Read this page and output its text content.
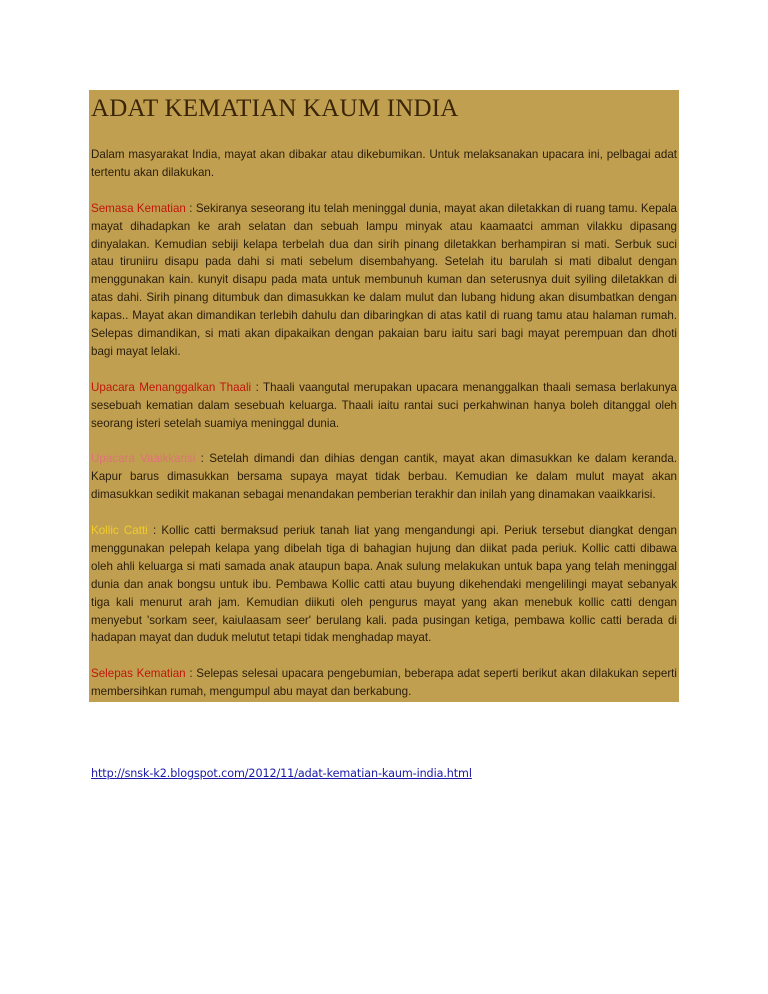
ADAT KEMATIAN KAUM INDIA

Dalam masyarakat India, mayat akan dibakar atau dikebumikan. Untuk melaksanakan upacara ini, pelbagai adat tertentu akan dilakukan.

Semasa Kematian : Sekiranya seseorang itu telah meninggal dunia, mayat akan diletakkan di ruang tamu. Kepala mayat dihadapkan ke arah selatan dan sebuah lampu minyak atau kaamaatci amman vilakku dipasang dinyalakan. Kemudian sebiji kelapa terbelah dua dan sirih pinang diletakkan berhampiran si mati. Serbuk suci atau tiruniiru disapu pada dahi si mati sebelum disembahyang. Setelah itu barulah si mati dibalut dengan menggunakan kain. kunyit disapu pada mata untuk membunuh kuman dan seterusnya duit syiling diletakkan di atas dahi. Sirih pinang ditumbuk dan dimasukkan ke dalam mulut dan lubang hidung akan disumbatkan dengan kapas.. Mayat akan dimandikan terlebih dahulu dan dibaringkan di atas katil di ruang tamu atau halaman rumah. Selepas dimandikan, si mati akan dipakaikan dengan pakaian baru iaitu sari bagi mayat perempuan dan dhoti bagi mayat lelaki.

Upacara Menanggalkan Thaali : Thaali vaangutal merupakan upacara menanggalkan thaali semasa berlakunya sesebuah kematian dalam sesebuah keluarga. Thaali iaitu rantai suci perkahwinan hanya boleh ditanggal oleh seorang isteri setelah suamiya meninggal dunia.

Upacara Vaaikkarisi : Setelah dimandi dan dihias dengan cantik, mayat akan dimasukkan ke dalam keranda. Kapur barus dimasukkan bersama supaya mayat tidak berbau. Kemudian ke dalam mulut mayat akan dimasukkan sedikit makanan sebagai menandakan pemberian terakhir dan inilah yang dinamakan vaaikkarisi.

Kollic Catti : Kollic catti bermaksud periuk tanah liat yang mengandungi api. Periuk tersebut diangkat dengan menggunakan pelepah kelapa yang dibelah tiga di bahagian hujung dan diikat pada periuk. Kollic catti dibawa oleh ahli keluarga si mati samada anak ataupun bapa. Anak sulung melakukan untuk bapa yang telah meninggal dunia dan anak bongsu untuk ibu. Pembawa Kollic catti atau buyung dikehendaki mengelilingi mayat sebanyak tiga kali menurut arah jam. Kemudian diikuti oleh pengurus mayat yang akan menebuk kollic catti dengan menyebut 'sorkam seer, kaiulaasam seer' berulang kali. pada pusingan ketiga, pembawa kollic catti berada di hadapan mayat dan duduk melutut tetapi tidak menghadap mayat.

Selepas Kematian : Selepas selesai upacara pengebumian, beberapa adat seperti berikut akan dilakukan seperti membersihkan rumah, mengumpul abu mayat dan berkabung.

http://snsk-k2.blogspot.com/2012/11/adat-kematian-kaum-india.html
